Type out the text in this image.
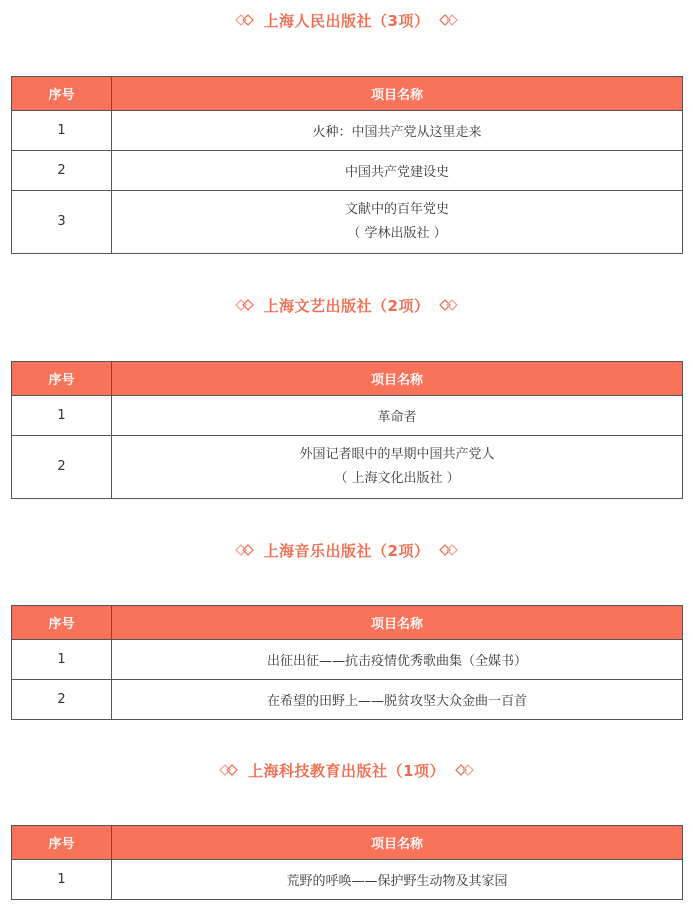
上海人民出版社（3项）
序号	项目名称
1	火种：中国共产党从这里走来
2	中国共产党建设史
3	文献中的百年党史
（ 学林出版社 ）
上海文艺出版社（2项）
序号	项目名称
1	革命者
2	外国记者眼中的早期中国共产党人
（ 上海文化出版社 ）
上海音乐出版社（2项）
序号	项目名称
1	出征出征——抗击疫情优秀歌曲集（全媒书）
2	在希望的田野上——脱贫攻坚大众金曲一百首
上海科技教育出版社（1项）
序号	项目名称
1	荒野的呼唤——保护野生动物及其家园
